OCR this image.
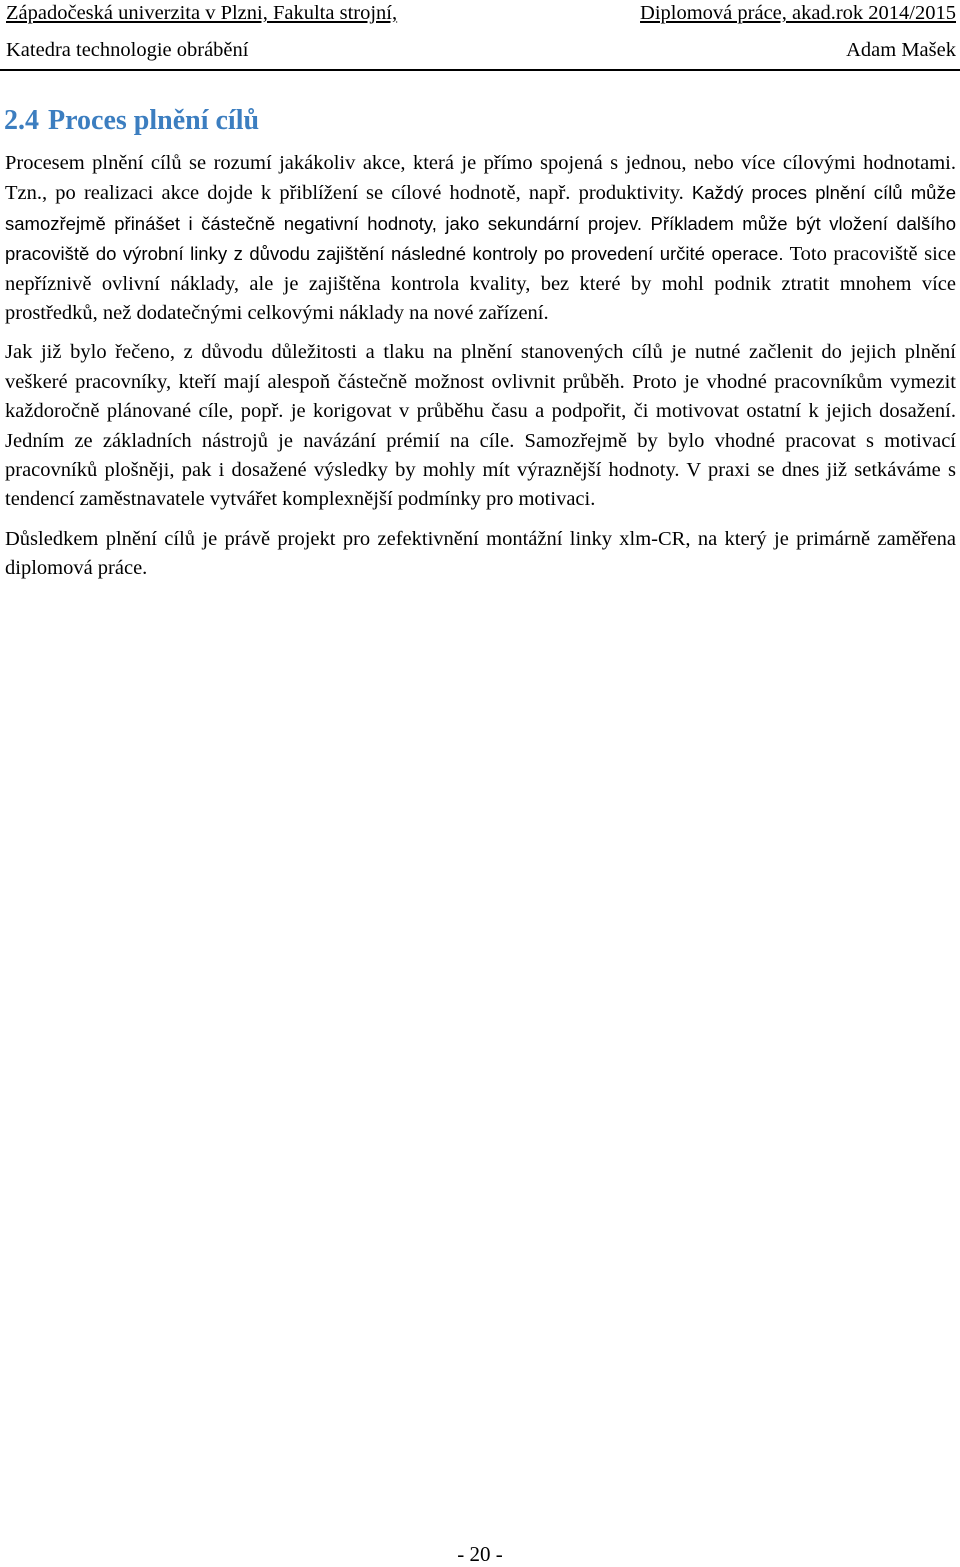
Západočeská univerzita v Plzni, Fakulta strojní,	Diplomová práce, akad.rok 2014/2015
Katedra technologie obrábění	Adam Mašek
2.4 Proces plnění cílů

Procesem plnění cílů se rozumí jakákoliv akce, která je přímo spojená s jednou, nebo více cílovými hodnotami. Tzn., po realizaci akce dojde k přiblížení se cílové hodnotě, např. produktivity. Každý proces plnění cílů může samozřejmě přinášet i částečně negativní hodnoty, jako sekundární projev. Příkladem může být vložení dalšího pracoviště do výrobní linky z důvodu zajištění následné kontroly po provedení určité operace. Toto pracoviště sice nepříznivě ovlivní náklady, ale je zajištěna kontrola kvality, bez které by mohl podnik ztratit mnohem více prostředků, než dodatečnými celkovými náklady na nové zařízení.

Jak již bylo řečeno, z důvodu důležitosti a tlaku na plnění stanovených cílů je nutné začlenit do jejich plnění veškeré pracovníky, kteří mají alespoň částečně možnost ovlivnit průběh. Proto je vhodné pracovníkům vymezit každoročně plánované cíle, popř. je korigovat v průběhu času a podpořit, či motivovat ostatní k jejich dosažení. Jedním ze základních nástrojů je navázání prémií na cíle. Samozřejmě by bylo vhodné pracovat s motivací pracovníků plošněji, pak i dosažené výsledky by mohly mít výraznější hodnoty. V praxi se dnes již setkáváme s tendencí zaměstnavatele vytvářet komplexnější podmínky pro motivaci.

Důsledkem plnění cílů je právě projekt pro zefektivnění montážní linky xlm-CR, na který je primárně zaměřena diplomová práce.

- 20 -
